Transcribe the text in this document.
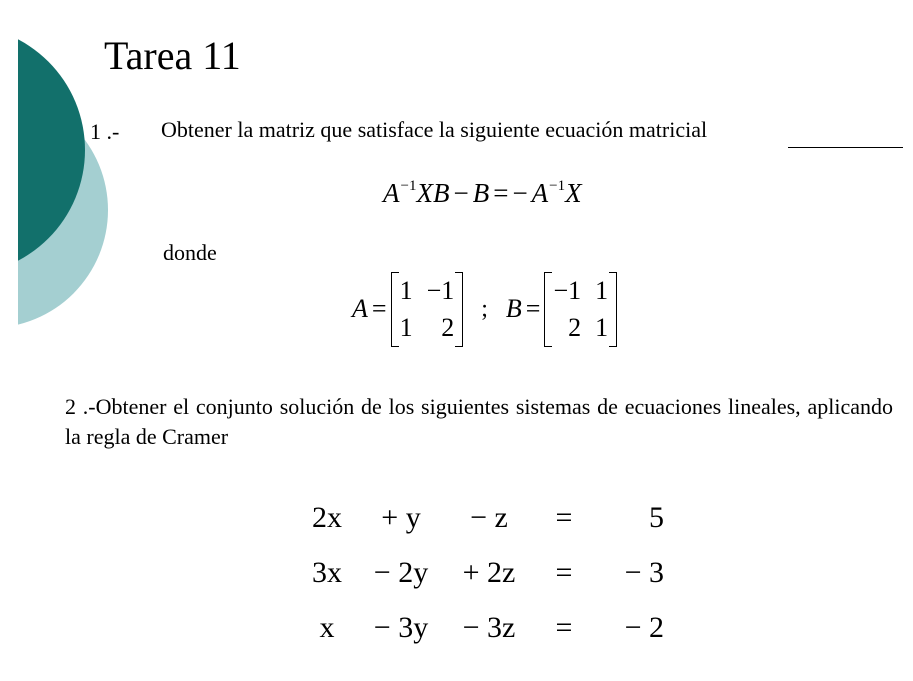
Tarea 11
1 .- Obtener la matriz que satisface la siguiente ecuación matricial
$A^{-1}XB - B$ = − $A^{-1}X$
donde
A =
1 −1
1	2
; B =
−1 1
2 1
2 .-Obtener el conjunto solución de los siguientes sistemas de ecuaciones lineales, aplicando la regla de Cramer
2x	+ y	− z	=	5
3x	− 2y	+ 2z	=	− 3
x	− 3y	− 3z	=	− 2
